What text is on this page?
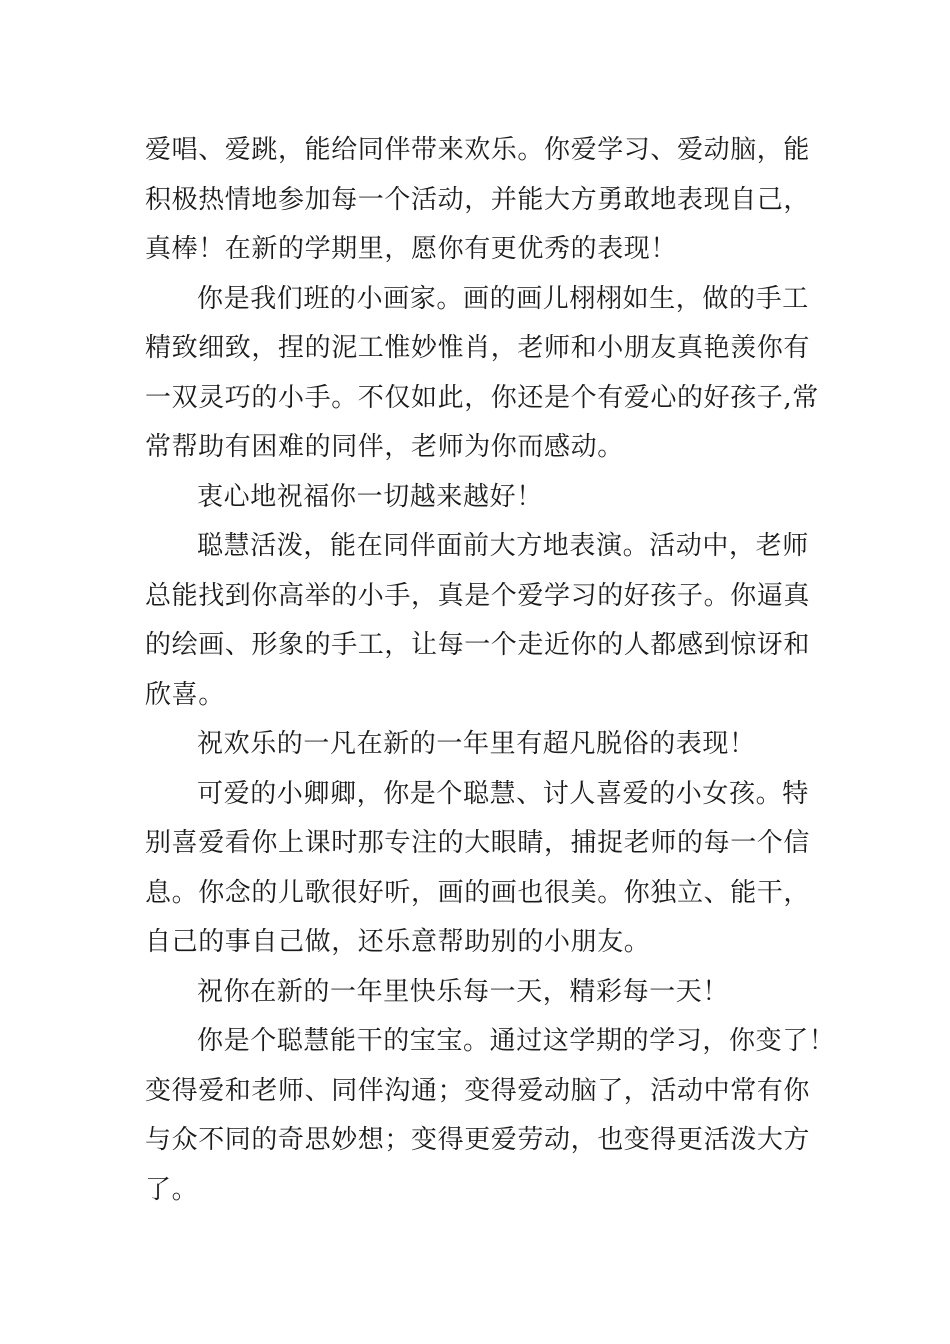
爱唱、爱跳，能给同伴带来欢乐。你爱学习、爱动脑，能
积极热情地参加每一个活动，并能大方勇敢地表现自己，
真棒！在新的学期里，愿你有更优秀的表现！
你是我们班的小画家。画的画儿栩栩如生，做的手工
精致细致，捏的泥工惟妙惟肖，老师和小朋友真艳羡你有
一双灵巧的小手。不仅如此，你还是个有爱心的好孩子,常
常帮助有困难的同伴，老师为你而感动。
衷心地祝福你一切越来越好！
聪慧活泼，能在同伴面前大方地表演。活动中，老师
总能找到你高举的小手，真是个爱学习的好孩子。你逼真
的绘画、形象的手工，让每一个走近你的人都感到惊讶和
欣喜。
祝欢乐的一凡在新的一年里有超凡脱俗的表现！
可爱的小卿卿，你是个聪慧、讨人喜爱的小女孩。特
别喜爱看你上课时那专注的大眼睛，捕捉老师的每一个信
息。你念的儿歌很好听，画的画也很美。你独立、能干，
自己的事自己做，还乐意帮助别的小朋友。
祝你在新的一年里快乐每一天，精彩每一天！
你是个聪慧能干的宝宝。通过这学期的学习，你变了！
变得爱和老师、同伴沟通；变得爱动脑了，活动中常有你
与众不同的奇思妙想；变得更爱劳动，也变得更活泼大方
了。
